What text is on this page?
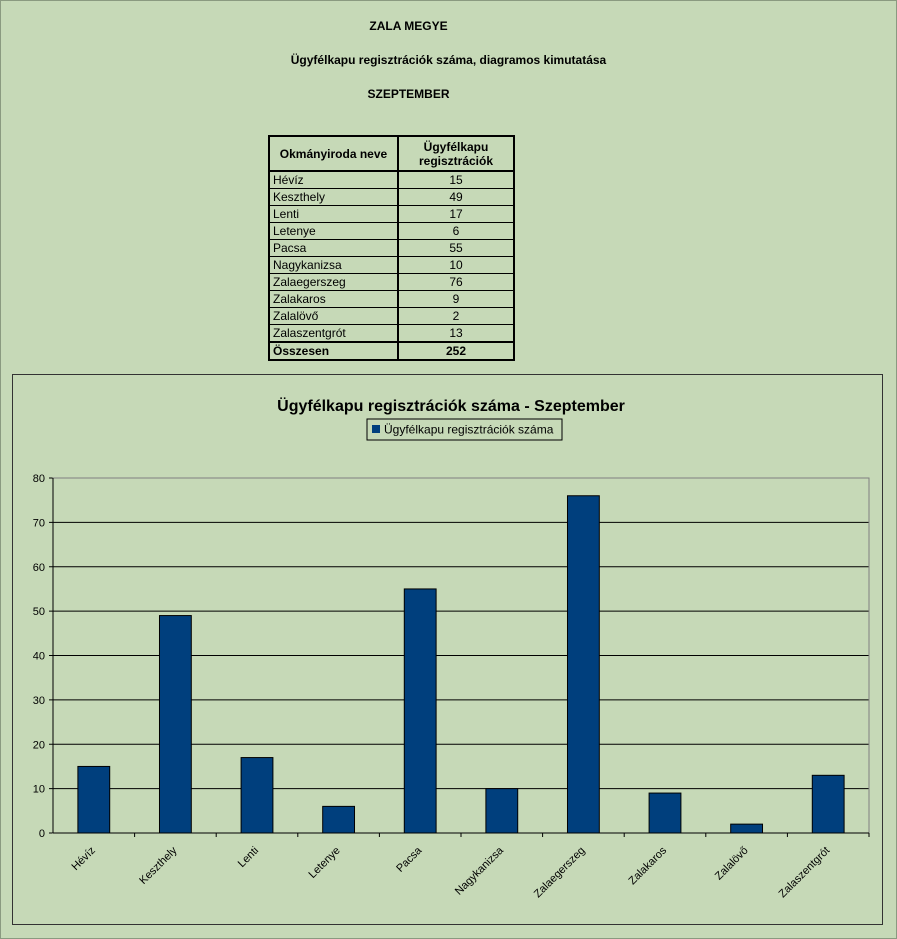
ZALA MEGYE
Ügyfélkapu regisztrációk száma, diagramos kimutatása
SZEPTEMBER
Okmányiroda neve	Ügyfélkapu
regisztrációk
Hévíz	15
Keszthely	49
Lenti	17
Letenye	6
Pacsa	55
Nagykanizsa	10
Zalaegerszeg	76
Zalakaros	9
Zalalövő	2
Zalaszentgrót	13
Összesen	252
Ügyfélkapu regisztrációk száma - Szeptember
Ügyfélkapu regisztrációk száma
0
10
20
30
40
50
60
70
80
Hévíz	Keszthely	Lenti	Letenye	Pacsa	Nagykanizsa Zalaegerszeg	Zalakaros	Zalalövő Zalaszentgrót
